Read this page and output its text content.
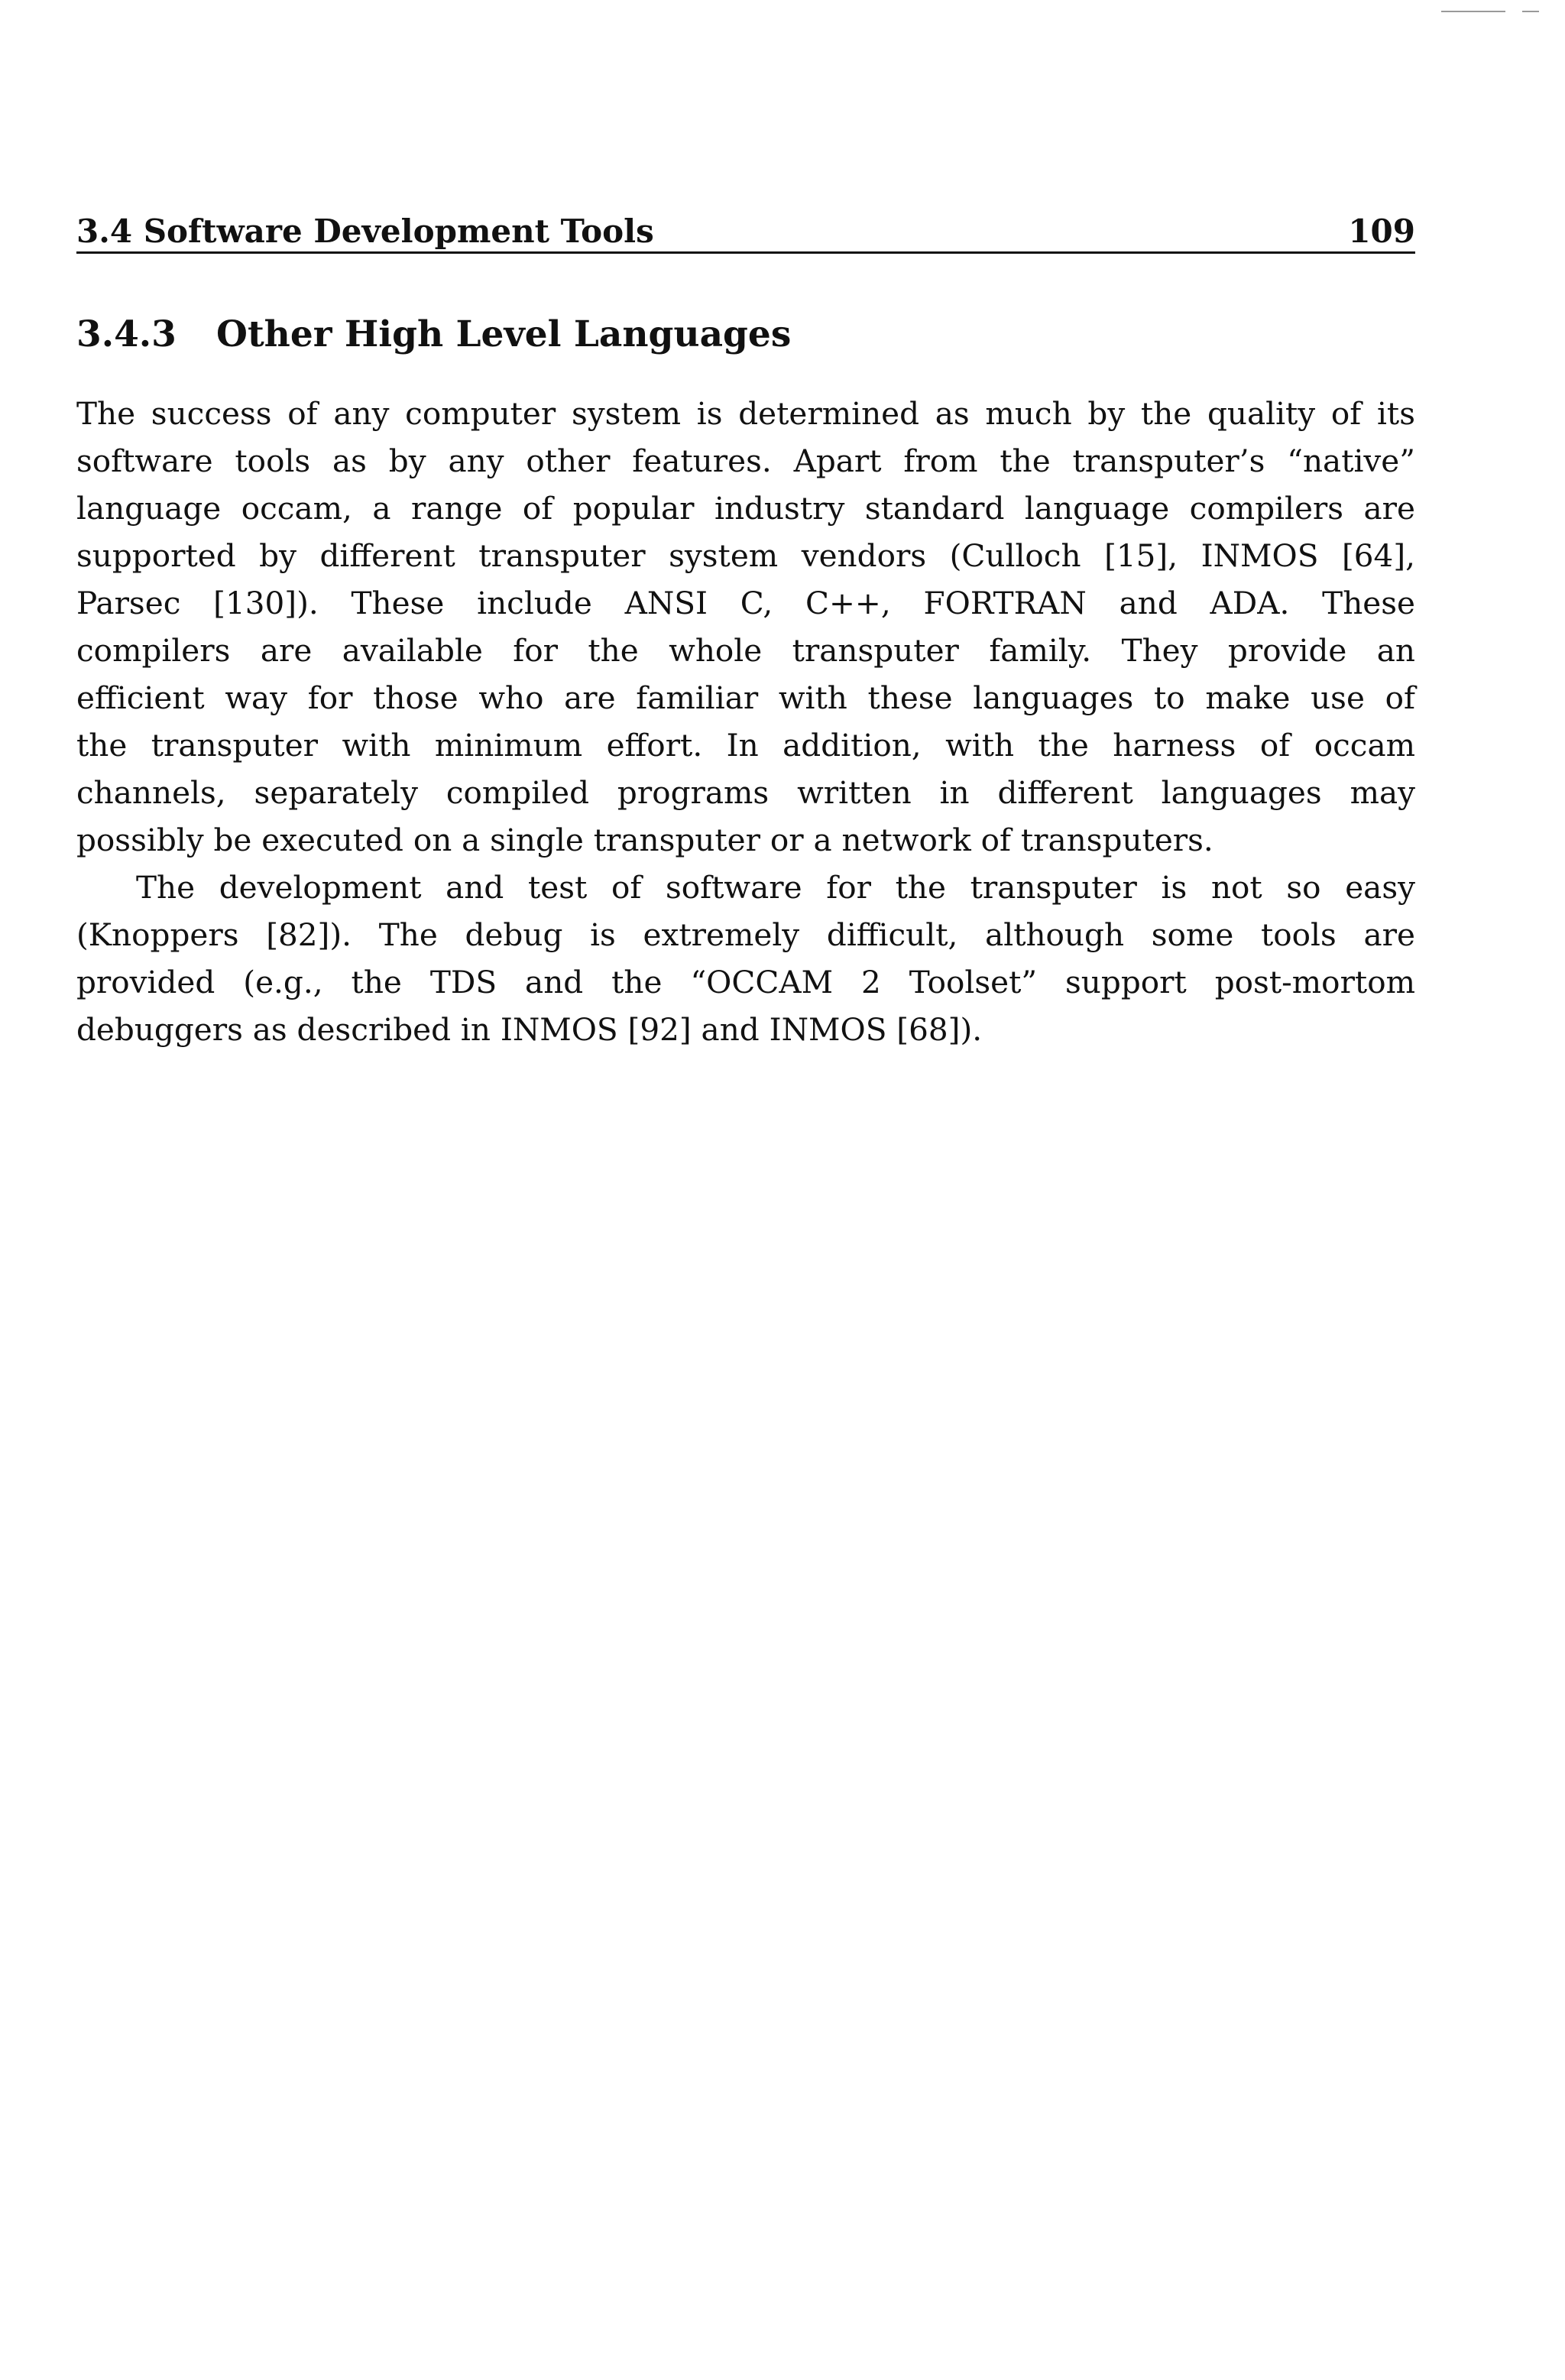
3.4 Software Development Tools	109
3.4.3 Other High Level Languages

The success of any computer system is determined as much by the quality of its
software tools as by any other features. Apart from the transputer’s “native”
language occam, a range of popular industry standard language compilers are
supported by different transputer system vendors (Culloch [15], INMOS [64],
Parsec [130]). These include ANSI C, C++, FORTRAN and ADA. These
compilers are available for the whole transputer family. They provide an
efficient way for those who are familiar with these languages to make use of
the transputer with minimum effort. In addition, with the harness of occam
channels, separately compiled programs written in different languages may
possibly be executed on a single transputer or a network of transputers.

The development and test of software for the transputer is not so easy
(Knoppers [82]). The debug is extremely difficult, although some tools are
provided (e.g., the TDS and the “OCCAM 2 Toolset” support post-mortom
debuggers as described in INMOS [92] and INMOS [68]).
